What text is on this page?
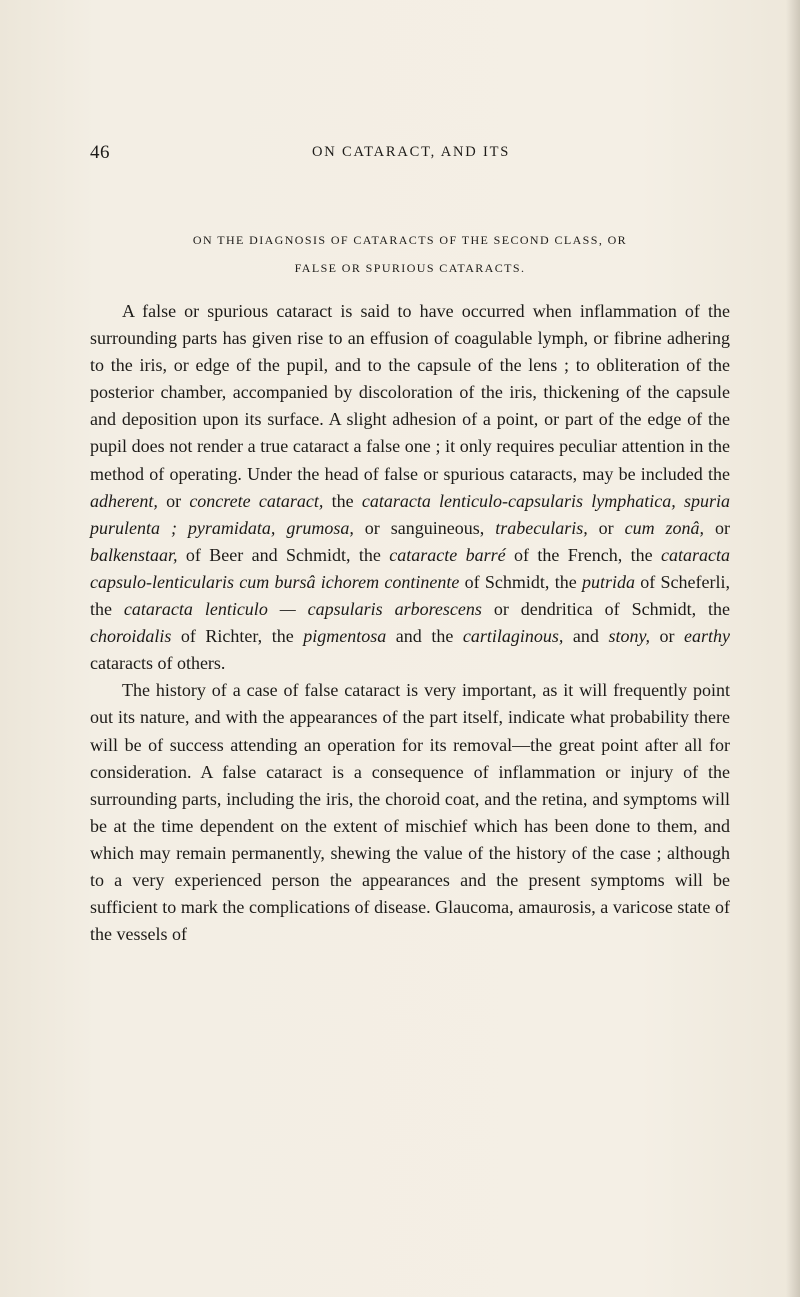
46	ON CATARACT, AND ITS
ON THE DIAGNOSIS OF CATARACTS OF THE SECOND CLASS, OR
FALSE OR SPURIOUS CATARACTS.

A false or spurious cataract is said to have occurred when inflammation of the surrounding parts has given rise to an effusion of coagulable lymph, or fibrine adhering to the iris, or edge of the pupil, and to the capsule of the lens ; to obliteration of the posterior chamber, accompanied by discoloration of the iris, thickening of the capsule and deposition upon its surface. A slight adhesion of a point, or part of the edge of the pupil does not render a true cataract a false one ; it only requires peculiar attention in the method of operating. Under the head of false or spurious cataracts, may be included the adherent, or concrete cataract, the cataracta lenticulo-capsularis lymphatica, spuria purulenta ; pyramidata, grumosa, or sanguineous, trabecularis, or cum zonâ, or balkenstaar, of Beer and Schmidt, the cataracte barré of the French, the cataracta capsulo-lenticularis cum bursâ ichorem continente of Schmidt, the putrida of Scheferli, the cataracta lenticulo — capsularis arborescens or dendritica of Schmidt, the choroidalis of Richter, the pigmentosa and the cartilaginous, and stony, or earthy cataracts of others.

The history of a case of false cataract is very important, as it will frequently point out its nature, and with the appearances of the part itself, indicate what probability there will be of success attending an operation for its removal—the great point after all for consideration. A false cataract is a consequence of inflammation or injury of the surrounding parts, including the iris, the choroid coat, and the retina, and symptoms will be at the time dependent on the extent of mischief which has been done to them, and which may remain permanently, shewing the value of the history of the case ; although to a very experienced person the appearances and the present symptoms will be sufficient to mark the complications of disease. Glaucoma, amaurosis, a varicose state of the vessels of
